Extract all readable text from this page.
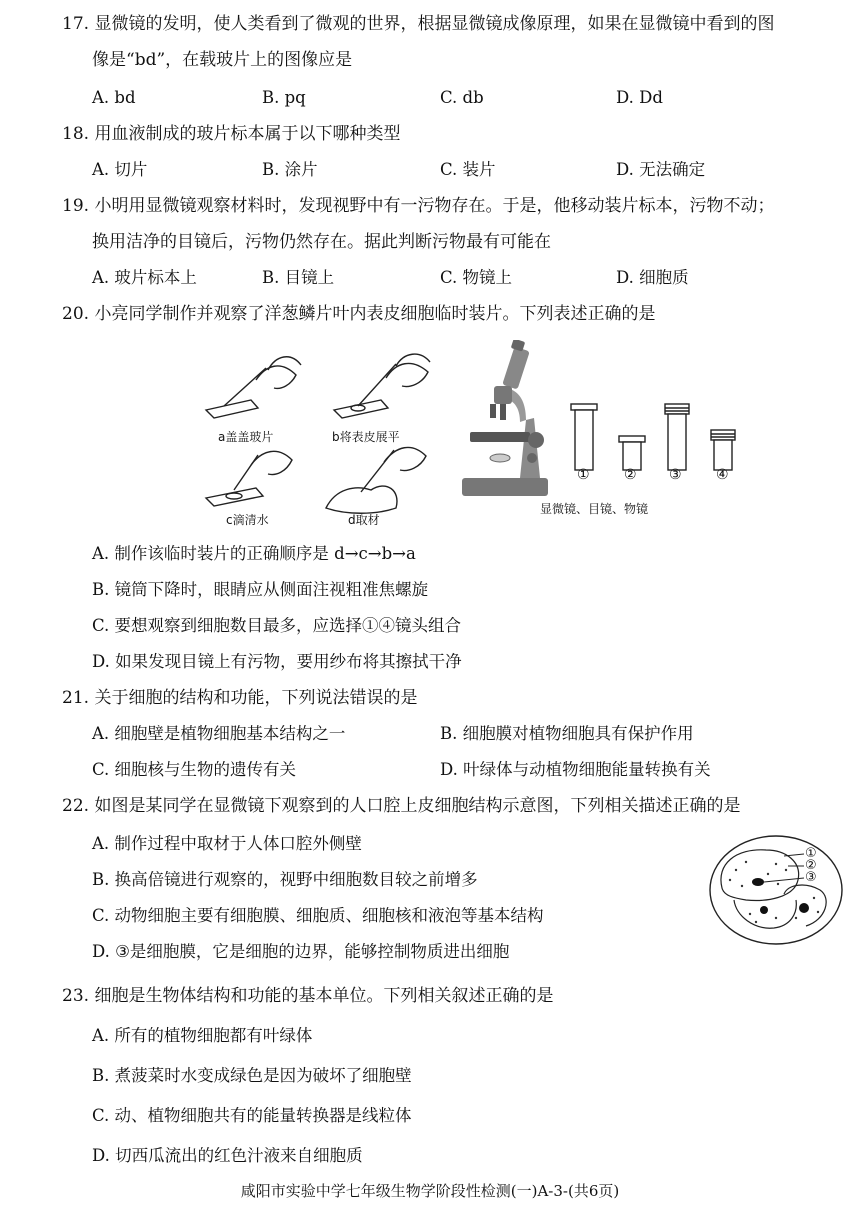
17. 显微镜的发明，使人类看到了微观的世界，根据显微镜成像原理，如果在显微镜中看到的图
像是“bd”，在载玻片上的图像应是
A. bd	B. pq	C. db	D. Dd
18. 用血液制成的玻片标本属于以下哪种类型
A. 切片	B. 涂片	C. 装片	D. 无法确定
19. 小明用显微镜观察材料时，发现视野中有一污物存在。于是，他移动装片标本，污物不动；
换用洁净的目镜后，污物仍然存在。据此判断污物最有可能在
A. 玻片标本上	B. 目镜上	C. 物镜上	D. 细胞质
20. 小亮同学制作并观察了洋葱鳞片叶内表皮细胞临时装片。下列表述正确的是
a盖盖玻片	b将表皮展平
c滴清水	d取材
① ② ③ ④
显微镜、目镜、物镜
A. 制作该临时装片的正确顺序是 d→c→b→a
B. 镜筒下降时，眼睛应从侧面注视粗准焦螺旋
C. 要想观察到细胞数目最多，应选择①④镜头组合
D. 如果发现目镜上有污物，要用纱布将其擦拭干净
21. 关于细胞的结构和功能，下列说法错误的是
A. 细胞壁是植物细胞基本结构之一	B. 细胞膜对植物细胞具有保护作用
C. 细胞核与生物的遗传有关	D. 叶绿体与动植物细胞能量转换有关
22. 如图是某同学在显微镜下观察到的人口腔上皮细胞结构示意图，下列相关描述正确的是
A. 制作过程中取材于人体口腔外侧壁
B. 换高倍镜进行观察的，视野中细胞数目较之前增多
C. 动物细胞主要有细胞膜、细胞质、细胞核和液泡等基本结构
D. ③是细胞膜，它是细胞的边界，能够控制物质进出细胞
①
②
③
23. 细胞是生物体结构和功能的基本单位。下列相关叙述正确的是
A. 所有的植物细胞都有叶绿体
B. 煮菠菜时水变成绿色是因为破坏了细胞壁
C. 动、植物细胞共有的能量转换器是线粒体
D. 切西瓜流出的红色汁液来自细胞质
咸阳市实验中学七年级生物学阶段性检测(一)A-3-(共6页)
